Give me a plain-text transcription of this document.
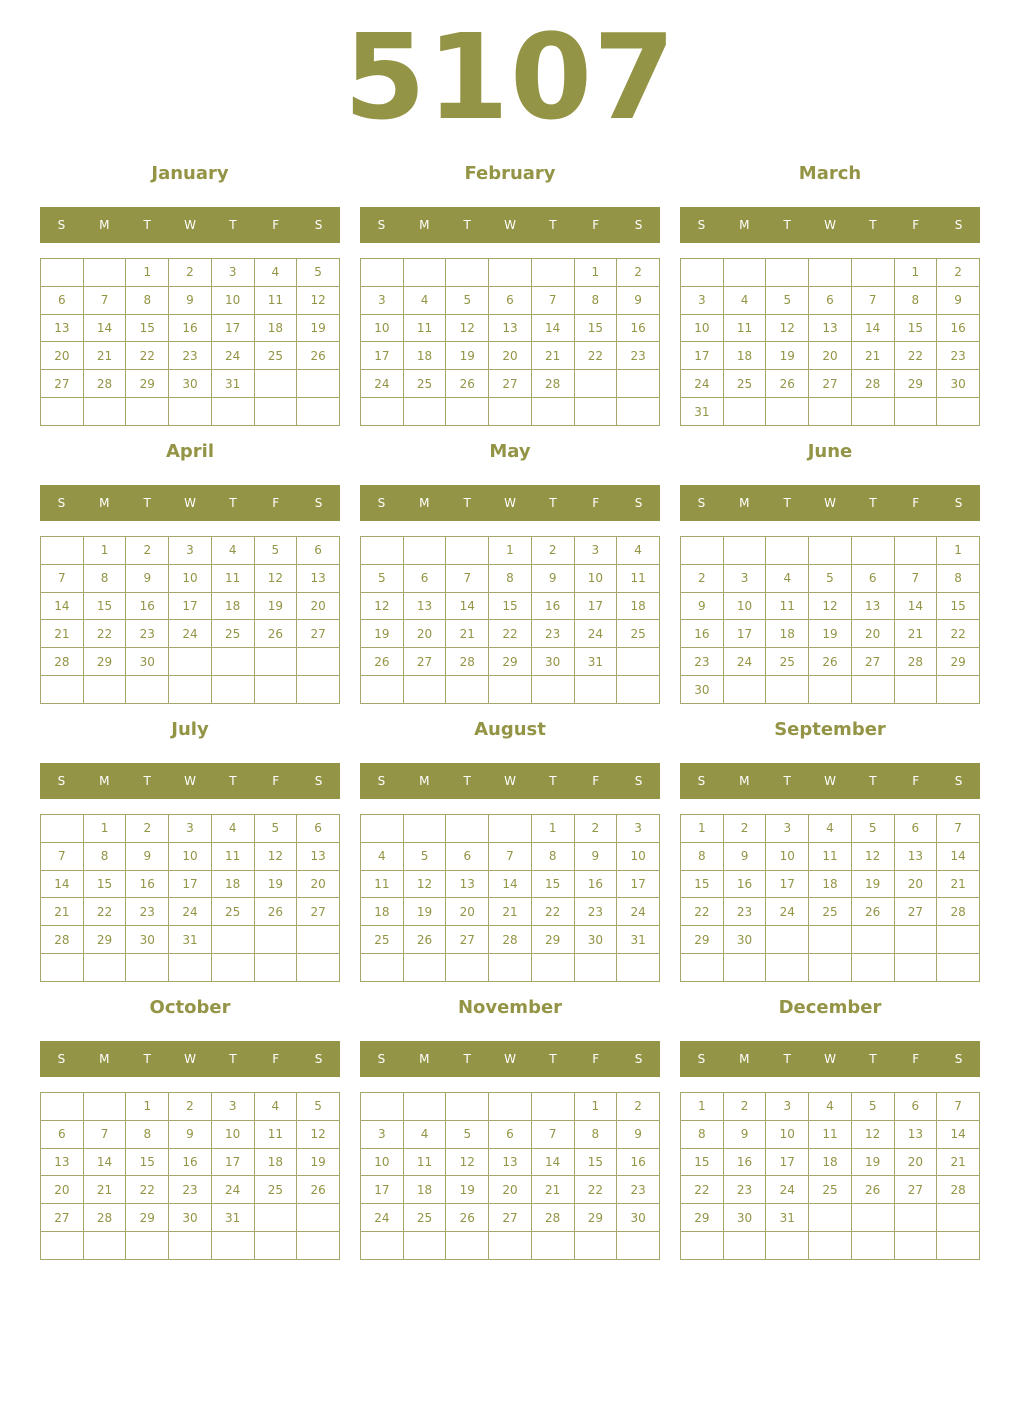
5107
January
S	M	T	W	T	F	S
		1	2	3	4	5
6	7	8	9	10	11	12
13	14	15	16	17	18	19
20	21	22	23	24	25	26
27	28	29	30	31		

February
S	M	T	W	T	F	S
					1	2
3	4	5	6	7	8	9
10	11	12	13	14	15	16
17	18	19	20	21	22	23
24	25	26	27	28		

March
S	M	T	W	T	F	S
					1	2
3	4	5	6	7	8	9
10	11	12	13	14	15	16
17	18	19	20	21	22	23
24	25	26	27	28	29	30
31						
April
S	M	T	W	T	F	S
	1	2	3	4	5	6
7	8	9	10	11	12	13
14	15	16	17	18	19	20
21	22	23	24	25	26	27
28	29	30				

May
S	M	T	W	T	F	S
			1	2	3	4
5	6	7	8	9	10	11
12	13	14	15	16	17	18
19	20	21	22	23	24	25
26	27	28	29	30	31	

June
S	M	T	W	T	F	S
						1
2	3	4	5	6	7	8
9	10	11	12	13	14	15
16	17	18	19	20	21	22
23	24	25	26	27	28	29
30						
July
S	M	T	W	T	F	S
	1	2	3	4	5	6
7	8	9	10	11	12	13
14	15	16	17	18	19	20
21	22	23	24	25	26	27
28	29	30	31			

August
S	M	T	W	T	F	S
				1	2	3
4	5	6	7	8	9	10
11	12	13	14	15	16	17
18	19	20	21	22	23	24
25	26	27	28	29	30	31

September
S	M	T	W	T	F	S
1	2	3	4	5	6	7
8	9	10	11	12	13	14
15	16	17	18	19	20	21
22	23	24	25	26	27	28
29	30					

October
S	M	T	W	T	F	S
		1	2	3	4	5
6	7	8	9	10	11	12
13	14	15	16	17	18	19
20	21	22	23	24	25	26
27	28	29	30	31		

November
S	M	T	W	T	F	S
					1	2
3	4	5	6	7	8	9
10	11	12	13	14	15	16
17	18	19	20	21	22	23
24	25	26	27	28	29	30

December
S	M	T	W	T	F	S
1	2	3	4	5	6	7
8	9	10	11	12	13	14
15	16	17	18	19	20	21
22	23	24	25	26	27	28
29	30	31				
